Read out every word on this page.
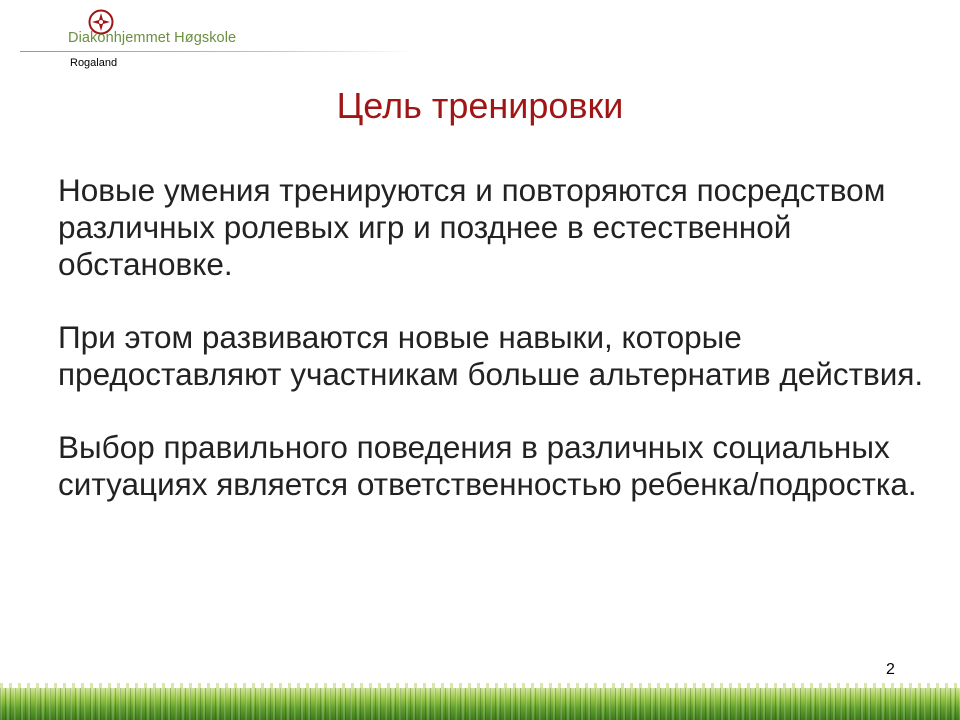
Diakonhjemmet Høgskole
Rogaland
Цель тренировки

Новые умения тренируются и повторяются посредством различных ролевых игр и позднее в естественной обстановке.

При этом развиваются новые навыки, которые предоставляют участникам больше альтернатив действия.

Выбор правильного поведения в различных социальных ситуациях является ответственностью ребенка/подростка.

2
